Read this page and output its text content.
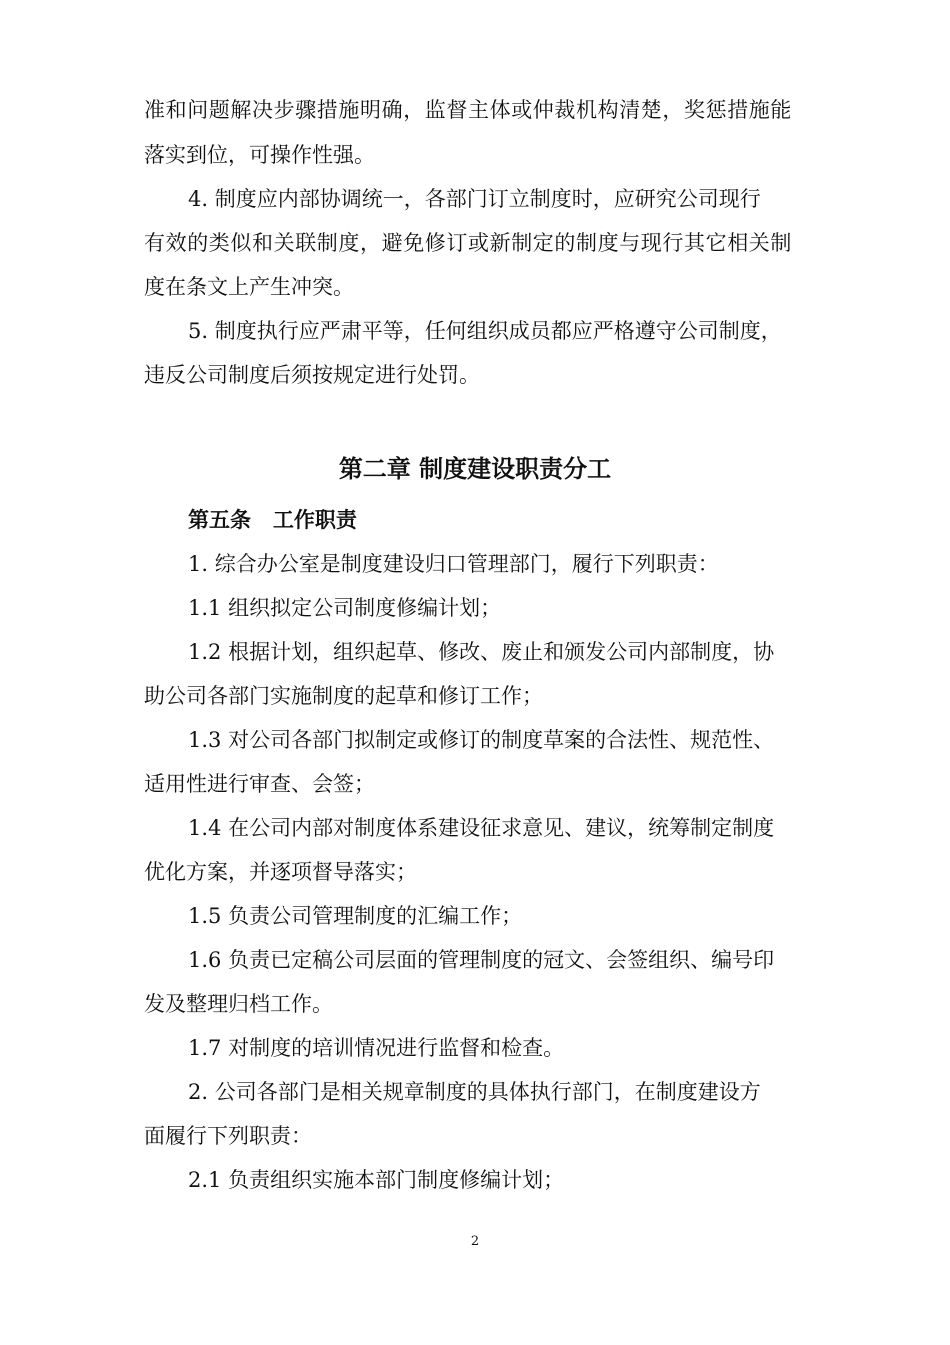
准和问题解决步骤措施明确，监督主体或仲裁机构清楚，奖惩措施能
落实到位，可操作性强。
4. 制度应内部协调统一，各部门订立制度时，应研究公司现行
有效的类似和关联制度，避免修订或新制定的制度与现行其它相关制
度在条文上产生冲突。
5. 制度执行应严肃平等，任何组织成员都应严格遵守公司制度，
违反公司制度后须按规定进行处罚。
第二章 制度建设职责分工
第五条   工作职责
1. 综合办公室是制度建设归口管理部门，履行下列职责：
1.1 组织拟定公司制度修编计划；
1.2 根据计划，组织起草、修改、废止和颁发公司内部制度，协
助公司各部门实施制度的起草和修订工作；
1.3 对公司各部门拟制定或修订的制度草案的合法性、规范性、
适用性进行审查、会签；
1.4 在公司内部对制度体系建设征求意见、建议，统筹制定制度
优化方案，并逐项督导落实；
1.5 负责公司管理制度的汇编工作；
1.6 负责已定稿公司层面的管理制度的冠文、会签组织、编号印
发及整理归档工作。
1.7 对制度的培训情况进行监督和检查。
2. 公司各部门是相关规章制度的具体执行部门，在制度建设方
面履行下列职责：
2.1 负责组织实施本部门制度修编计划；
2
